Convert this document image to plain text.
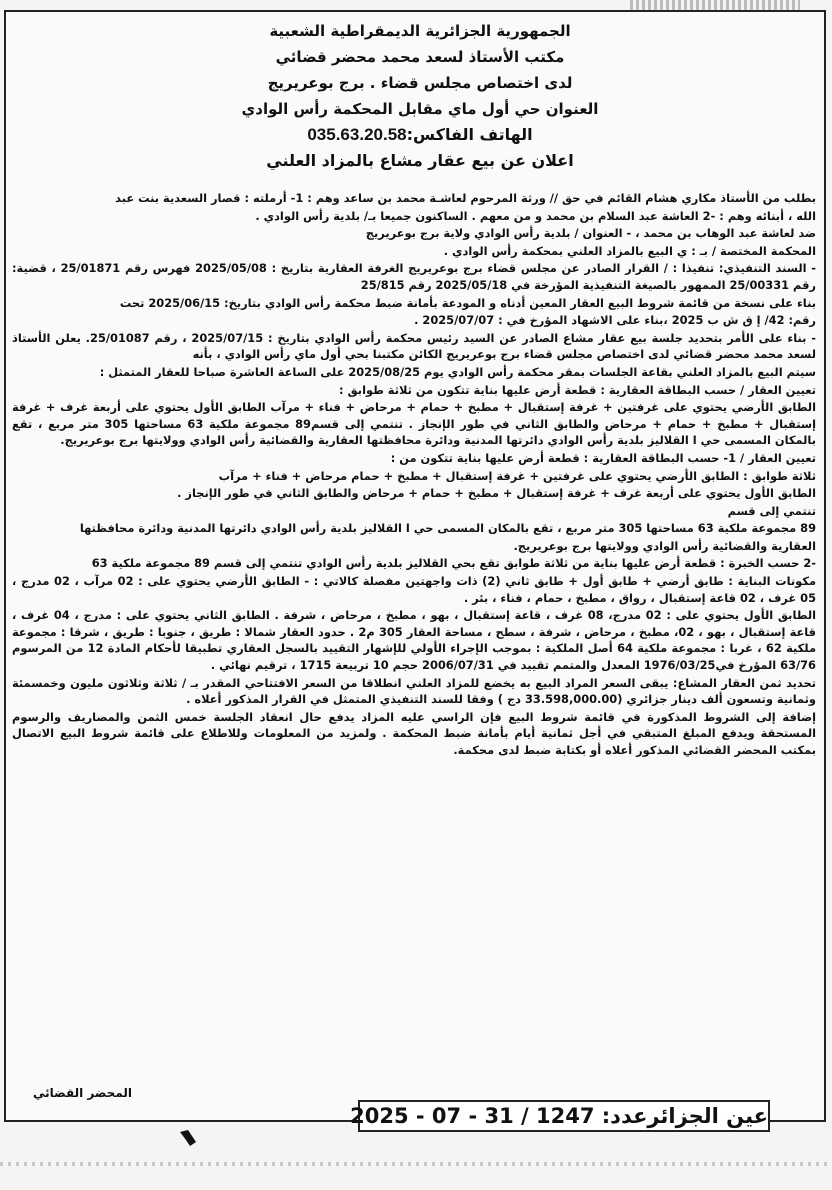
الجمهورية الجزائرية الديمقراطية الشعبية
مكتب الأستاذ لسعد محمد محضر قضائي
لدى اختصاص مجلس قضاء . برج بوعريريج
العنوان حي أول ماي مقابل المحكمة رأس الوادي
الهاتف الفاكس:035.63.20.58
اعلان عن بيع عقار مشاع بالمزاد العلني

بطلب من الأستاذ مكاري هشام القائم في حق // ورثة المرحوم لعاشـة محمد بن ساعد وهم : 1- أرملته : قصار السعدية بنت عبد

الله ، أبنائه وهم : -2 العاشة عبد السلام بن محمد و من معهم . الساكنون جميعا بـ/ بلدية رأس الوادي .

ضد لعاشة عبد الوهاب بن محمد ، - العنوان / بلدية رأس الوادي ولاية برج بوعريريج

المحكمة المختصة / بـ : ي البيع بالمزاد العلني بمحكمة رأس الوادي .

- السند التنفيذي: تنفيذا : / القرار الصادر عن مجلس قضاء برج بوعريريج الغرفة العقارية بتاريخ : 2025/05/08 فهرس رقم 25/01871 ، قضية: رقم 25/00331 الممهور بالصيغة التنفيذية المؤرخة في 2025/05/18 رقم 25/815

بناء على نسخة من قائمة شروط البيع العقار المعين أدناه و المودعة بأمانة ضبط محكمة رأس الوادي بتاريخ: 2025/06/15 تحت

رقم: 42/ إ ق ش ب 2025 ،بناء على الاشهاد المؤرخ في : 2025/07/07 .

- بناء على الأمر بتحديد جلسة بيع عقار مشاع الصادر عن السيد رئيس محكمة رأس الوادي بتاريخ : 2025/07/15 ، رقم 25/01087. يعلن الأستاذ لسعد محمد محضر قضائي لدى اختصاص مجلس قضاء برج بوعريريج الكائن مكتبنا بحي أول ماي رأس الوادي ، بأنه

سيتم البيع بالمزاد العلني بقاعة الجلسات بمقر محكمة رأس الوادي يوم 2025/08/25 على الساعة العاشرة صباحا للعقار المتمثل :

تعيين العقار / حسب البطاقة العقارية : قطعة أرض عليها بناية تتكون من ثلاثة طوابق :

الطابق الأرضي يحتوي على غرفتين + غرفة إستقبال + مطبخ + حمام + مرحاض + فناء + مرآب الطابق الأول يحتوي على أربعة غرف + غرفة إستقبال + مطبخ + حمام + مرحاض والطابق الثاني في طور الإنجاز . تنتمي إلى قسم89 مجموعة ملكية 63 مساحتها 305 متر مربع ، تقع بالمكان المسمى حي ا القلاليز بلدية رأس الوادي دائرتها المدنية ودائرة محافظتها العقارية والقضائية رأس الوادي وولايتها برج بوعريريج.

تعيين العقار / 1- حسب البطاقة العقارية : قطعة أرض عليها بناية تتكون من :

ثلاثة طوابق : الطابق الأرضي يحتوي على غرفتين + غرفة إستقبال + مطبخ + حمام مرحاض + فناء + مرآب

الطابق الأول يحتوي على أربعة غرف + غرفة إستقبال + مطبخ + حمام + مرحاض والطابق الثاني في طور الإنجاز .

تنتمي إلى قسم

89 مجموعة ملكية 63 مساحتها 305 متر مربع ، تقع بالمكان المسمى حي ا القلاليز بلدية رأس الوادي دائرتها المدنية ودائرة محافظتها

العقارية والقضائية رأس الوادي وولايتها برج بوعريريج.

-2 حسب الخبرة : قطعة أرض عليها بناية من ثلاثة طوابق تقع بحي القلاليز بلدية رأس الوادي تنتمي إلى قسم 89 مجموعة ملكية 63

مكونات البناية : طابق أرضي + طابق أول + طابق ثاني (2) ذات واجهتين مفصلة كالاتي : - الطابق الأرضي يحتوي على : 02 مرآب ، 02 مدرج ، 05 غرف ، 02 قاعة إستقبال ، رواق ، مطبخ ، حمام ، فناء ، بئر .

الطابق الأول يحتوي على : 02 مدرج، 08 غرف ، قاعة إستقبال ، بهو ، مطبخ ، مرحاض ، شرفة . الطابق الثاني يحتوي على : مدرج ، 04 غرف ، قاعة إستقبال ، بهو ، 02، مطبخ ، مرحاض ، شرفة ، سطح ، مساحة العقار 305 م2 . حدود العقار شمالا : طريق ، جنوبا : طريق ، شرقا : مجموعة ملكية 62 ، غربا : مجموعة ملكية 64 أصل الملكية : بموجب الإجراء الأولي للإشهار التقييد بالسجل العقاري تطبيقا لأحكام المادة 12 من المرسوم 63/76 المؤرخ في1976/03/25 المعدل والمتمم تقييد في 2006/07/31 حجم 10 تربيعة 1715 ، ترقيم نهائي .

تحديد ثمن العقار المشاع: يبقى السعر المراد البيع به يخضع للمزاد العلني انطلاقا من السعر الافتتاحي المقدر بـ / ثلاثة وثلاثون مليون وخمسمئة وثمانية وتسعون ألف دينار جزائري (33.598,000.00 دج ) وفقا للسند التنفيذي المتمثل في القرار المذكور أعلاه .

إضافة إلى الشروط المذكورة في قائمة شروط البيع فإن الراسي عليه المزاد يدفع حال انعقاد الجلسة خمس الثمن والمصاريف والرسوم المستحقة ويدفع المبلغ المتبقي في أجل ثمانية أيام بأمانة ضبط المحكمة . ولمزيد من المعلومات وللاطلاع على قائمة شروط البيع الاتصال بمكتب المحضر القضائي المذكور أعلاه أو بكتابة ضبط لدى محكمة.

المحضر القضائي
عين الجزائرعدد: 1247 / 31 - 07 - 2025
